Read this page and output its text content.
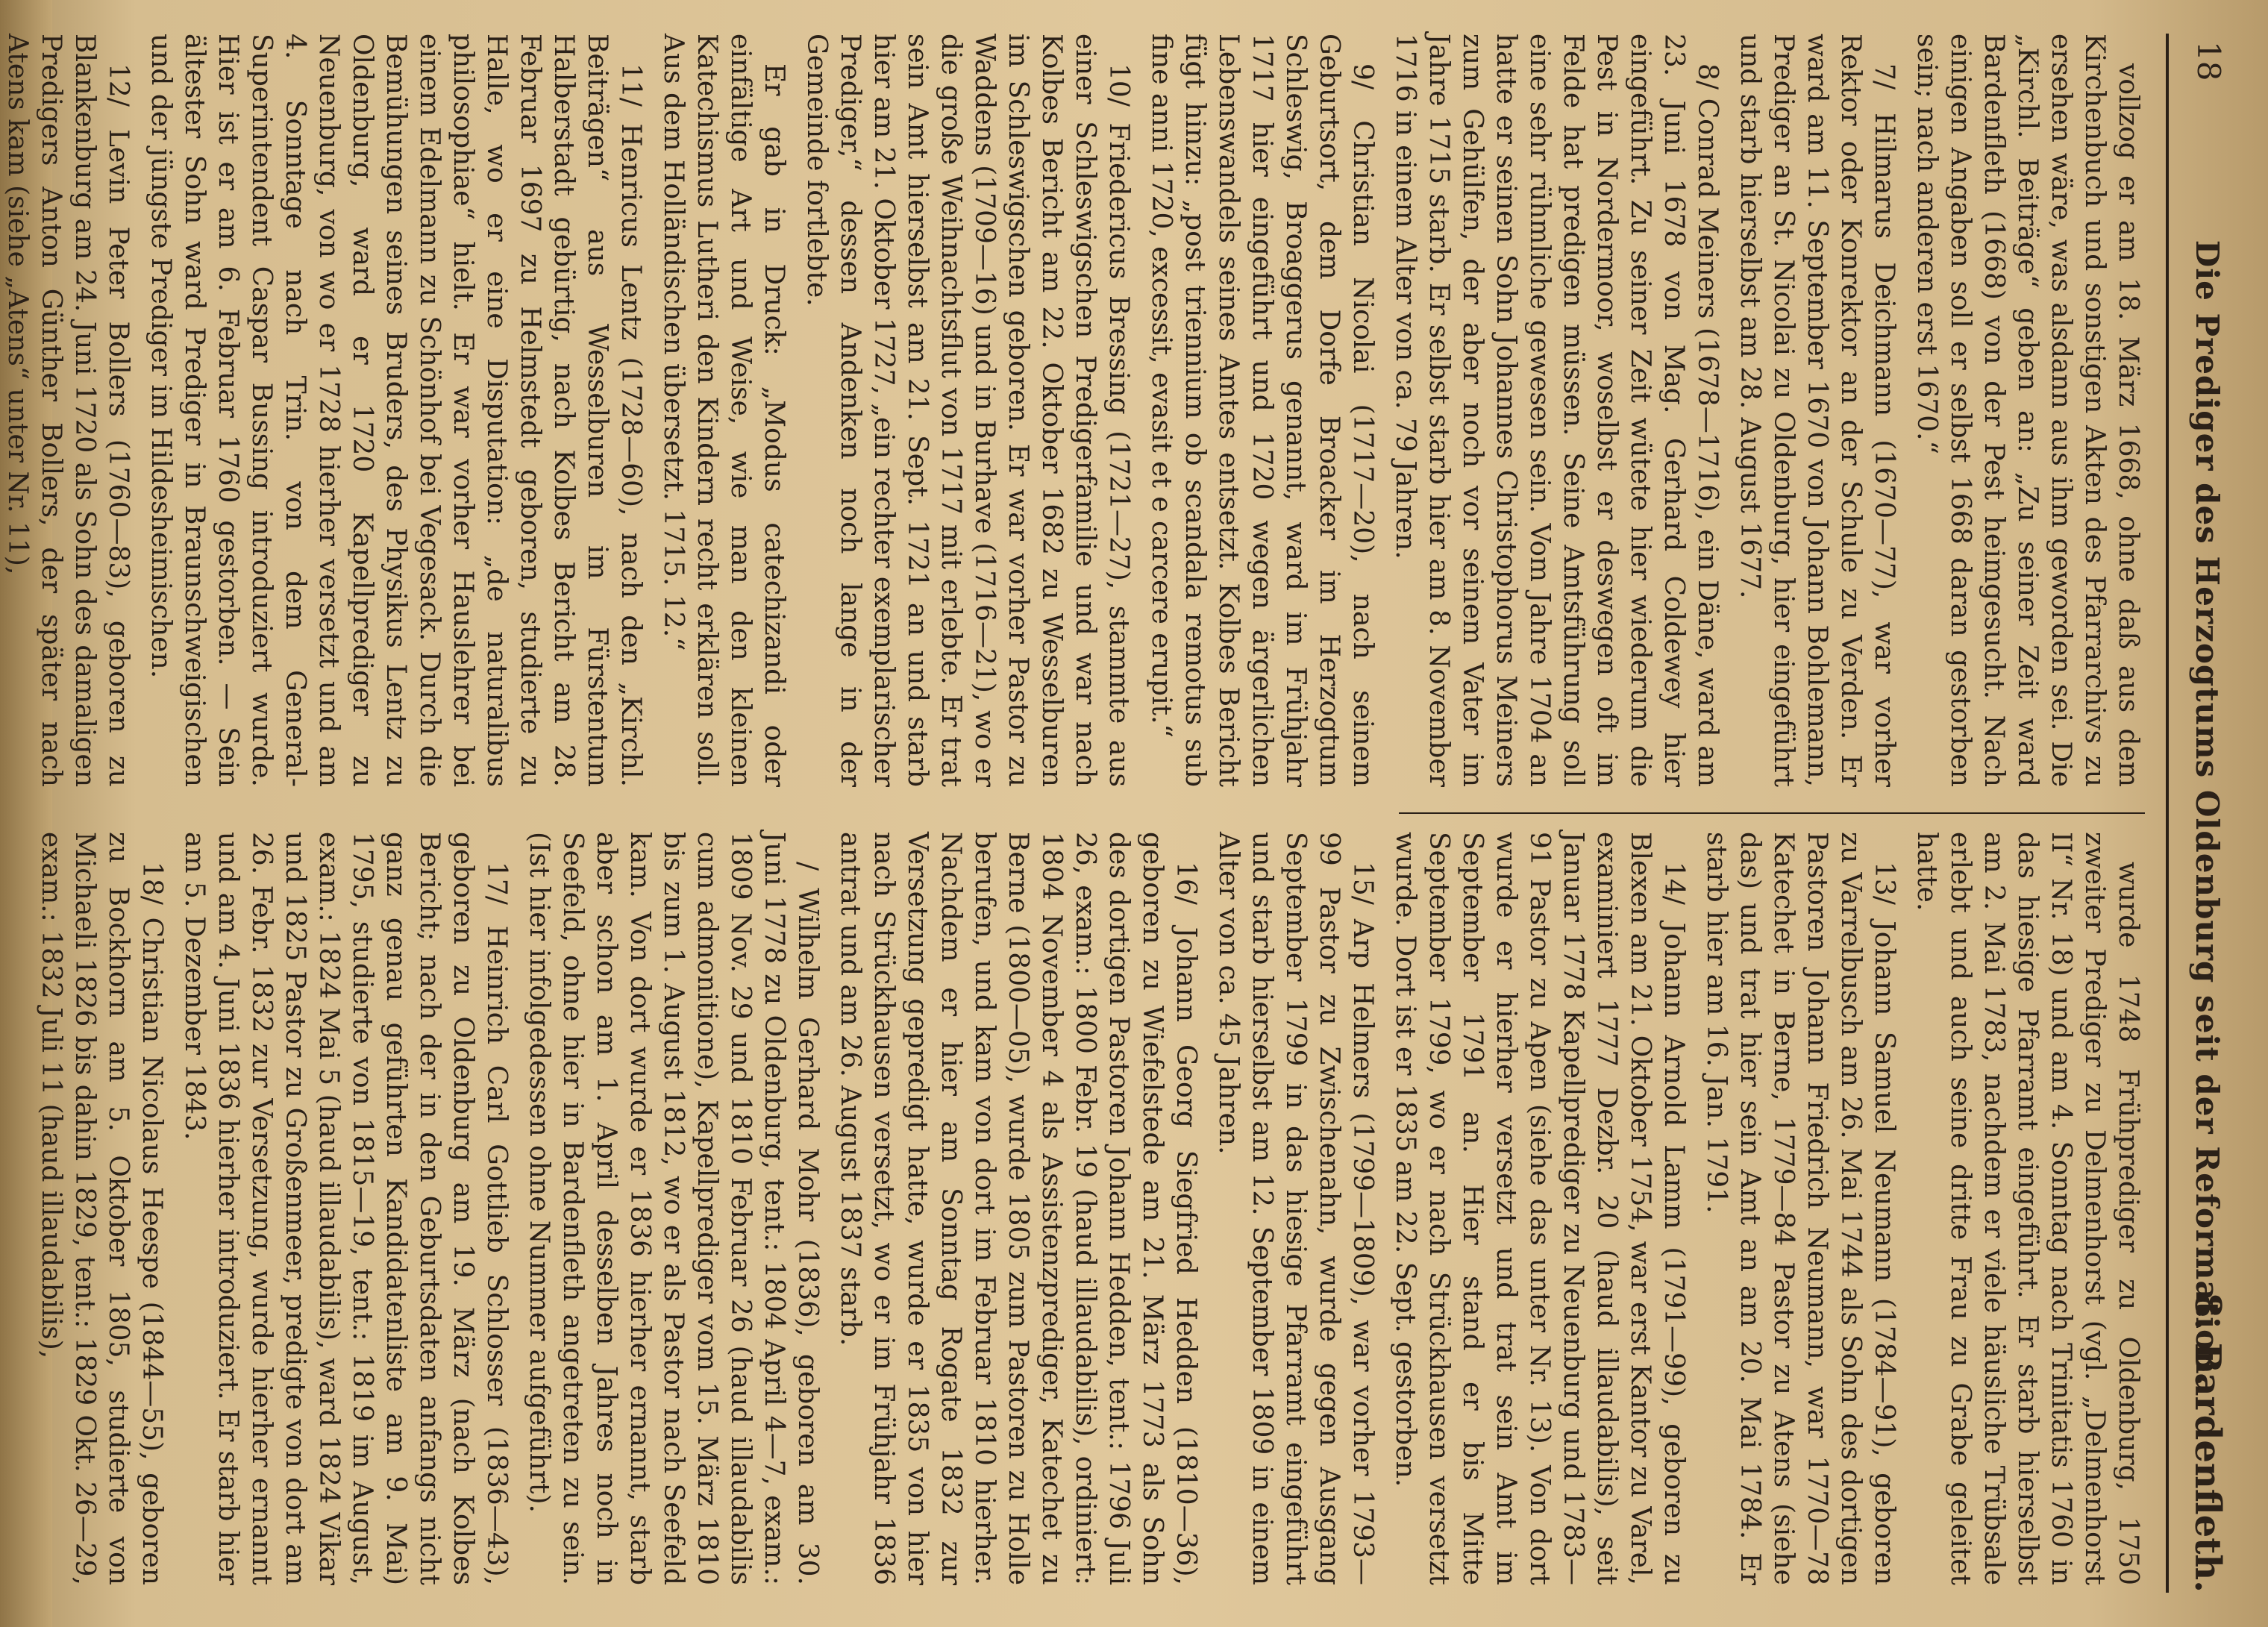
18
Die Prediger des Herzogtums Oldenburg seit der Reformation.
8. Bardenfleth.

vollzog er am 18. März 1668, ohne daß aus dem Kirchenbuch und sonstigen Akten des Pfarrarchivs zu ersehen wäre, was alsdann aus ihm geworden sei. Die „Kirchl. Beiträge“ geben an: „Zu seiner Zeit ward Bardenfleth (1668) von der Pest heimgesucht. Nach einigen Angaben soll er selbst 1668 daran gestorben sein; nach anderen erst 1670.“

7/ Hilmarus Deichmann (1670—77), war vorher Rektor oder Konrektor an der Schule zu Verden. Er ward am 11. September 1670 von Johann Bohlemann, Prediger an St. Nicolai zu Oldenburg, hier eingeführt und starb hierselbst am 28. August 1677.

8/ Conrad Meiners (1678—1716), ein Däne, ward am 23. Juni 1678 von Mag. Gerhard Coldewey hier eingeführt. Zu seiner Zeit wütete hier wiederum die Pest in Nordermoor, woselbst er deswegen oft im Felde hat predigen müssen. Seine Amtsführung soll eine sehr rühmliche gewesen sein. Vom Jahre 1704 an hatte er seinen Sohn Johannes Christophorus Meiners zum Gehülfen, der aber noch vor seinem Vater im Jahre 1715 starb. Er selbst starb hier am 8. November 1716 in einem Alter von ca. 79 Jahren.

9/ Christian Nicolai (1717—20), nach seinem Geburtsort, dem Dorfe Broacker im Herzogtum Schleswig, Broaggerus genannt, ward im Frühjahr 1717 hier eingeführt und 1720 wegen ärgerlichen Lebenswandels seines Amtes entsetzt. Kolbes Bericht fügt hinzu: „post triennium ob scandala remotus sub fine anni 1720, excessit, evasit et e carcere erupit.“

10/ Friedericus Bressing (1721—27), stammte aus einer Schleswigschen Predigerfamilie und war nach Kolbes Bericht am 22. Oktober 1682 zu Wesselburen im Schleswigschen geboren. Er war vorher Pastor zu Waddens (1709—16) und in Burhave (1716—21), wo er die große Weihnachtsflut von 1717 mit erlebte. Er trat sein Amt hierselbst am 21. Sept. 1721 an und starb hier am 21. Oktober 1727, „ein rechter exemplarischer Prediger,“ dessen Andenken noch lange in der Gemeinde fortlebte.

Er gab in Druck: „Modus catechizandi oder einfältige Art und Weise, wie man den kleinen Katechismus Lutheri den Kindern recht erklären soll. Aus dem Holländischen übersetzt. 1715. 12.“

11/ Henricus Lentz (1728—60), nach den „Kirchl. Beiträgen“ aus Wesselburen im Fürstentum Halberstadt gebürtig, nach Kolbes Bericht am 28. Februar 1697 zu Helmstedt geboren, studierte zu Halle, wo er eine Disputation: „de naturalibus philosophiae“ hielt. Er war vorher Hauslehrer bei einem Edelmann zu Schönhof bei Vegesack. Durch die Bemühungen seines Bruders, des Physikus Lentz zu Oldenburg, ward er 1720 Kapellprediger zu Neuenburg, von wo er 1728 hierher versetzt und am 4. Sonntage nach Trin. von dem General-Superintendent Caspar Bussing introduziert wurde. Hier ist er am 6. Februar 1760 gestorben. — Sein ältester Sohn ward Prediger in Braunschweigischen und der jüngste Prediger im Hildesheimischen.

12/ Levin Peter Bollers (1760—83), geboren zu Blankenburg am 24. Juni 1720 als Sohn des damaligen Predigers Anton Günther Bollers, der später nach Atens kam (siehe „Atens“ unter Nr. 11),

wurde 1748 Frühprediger zu Oldenburg, 1750 zweiter Prediger zu Delmenhorst (vgl. „Delmenhorst II“ Nr. 18) und am 4. Sonntag nach Trinitatis 1760 in das hiesige Pfarramt eingeführt. Er starb hierselbst am 2. Mai 1783, nachdem er viele häusliche Trübsale erlebt und auch seine dritte Frau zu Grabe geleitet hatte.

13/ Johann Samuel Neumann (1784—91), geboren zu Varrelbusch am 26. Mai 1744 als Sohn des dortigen Pastoren Johann Friedrich Neumann, war 1770—78 Katechet in Berne, 1779—84 Pastor zu Atens (siehe das) und trat hier sein Amt an am 20. Mai 1784. Er starb hier am 16. Jan. 1791.

14/ Johann Arnold Lamm (1791—99), geboren zu Blexen am 21. Oktober 1754, war erst Kantor zu Varel, examiniert 1777 Dezbr. 20 (haud illaudabilis), seit Januar 1778 Kapellprediger zu Neuenburg und 1783—91 Pastor zu Apen (siehe das unter Nr. 13). Von dort wurde er hierher versetzt und trat sein Amt im September 1791 an. Hier stand er bis Mitte September 1799, wo er nach Strückhausen versetzt wurde. Dort ist er 1835 am 22. Sept. gestorben.

15/ Arp Helmers (1799—1809), war vorher 1793—99 Pastor zu Zwischenahn, wurde gegen Ausgang September 1799 in das hiesige Pfarramt eingeführt und starb hierselbst am 12. September 1809 in einem Alter von ca. 45 Jahren.

16/ Johann Georg Siegfried Hedden (1810—36), geboren zu Wiefelstede am 21. März 1773 als Sohn des dortigen Pastoren Johann Hedden, tent.: 1796 Juli 26, exam.: 1800 Febr. 19 (haud illaudabilis), ordiniert: 1804 November 4 als Assistenzprediger, Katechet zu Berne (1800—05), wurde 1805 zum Pastoren zu Holle berufen, und kam von dort im Februar 1810 hierher. Nachdem er hier am Sonntag Rogate 1832 zur Versetzung gepredigt hatte, wurde er 1835 von hier nach Strückhausen versetzt, wo er im Frühjahr 1836 antrat und am 26. August 1837 starb.

/ Wilhelm Gerhard Mohr (1836), geboren am 30. Juni 1778 zu Oldenburg, tent.: 1804 April 4—7, exam.: 1809 Nov. 29 und 1810 Februar 26 (haud illaudabilis cum admonitione), Kapellprediger vom 15. März 1810 bis zum 1. August 1812, wo er als Pastor nach Seefeld kam. Von dort wurde er 1836 hierher ernannt, starb aber schon am 1. April desselben Jahres noch in Seefeld, ohne hier in Bardenfleth angetreten zu sein. (Ist hier infolgedessen ohne Nummer aufgeführt).

17/ Heinrich Carl Gottlieb Schlosser (1836—43), geboren zu Oldenburg am 19. März (nach Kolbes Bericht; nach der in den Geburtsdaten anfangs nicht ganz genau geführten Kandidatenliste am 9. Mai) 1795, studierte von 1815—19, tent.: 1819 im August, exam.: 1824 Mai 5 (haud illaudabilis), ward 1824 Vikar und 1825 Pastor zu Großenmeer, predigte von dort am 26. Febr. 1832 zur Versetzung, wurde hierher ernannt und am 4. Juni 1836 hierher introduziert. Er starb hier am 5. Dezember 1843.

18/ Christian Nicolaus Heespe (1844—55), geboren zu Bockhorn am 5. Oktober 1805, studierte von Michaeli 1826 bis dahin 1829, tent.: 1829 Okt. 26—29, exam.: 1832 Juli 11 (haud illaudabilis),
